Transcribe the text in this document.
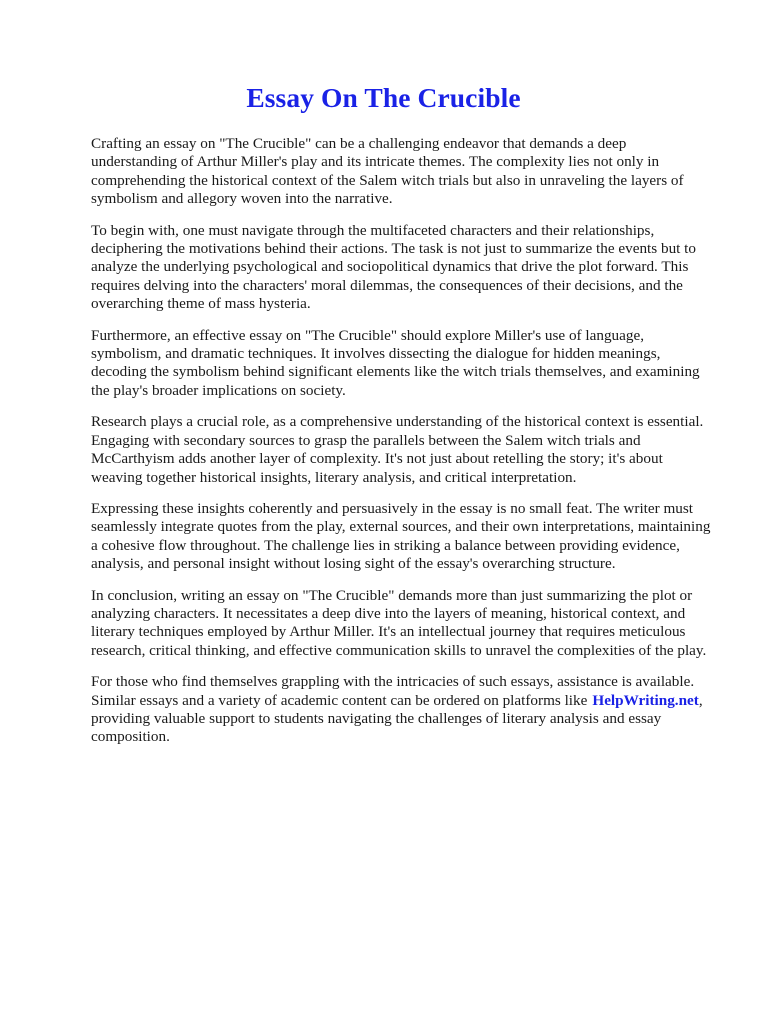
Essay On The Crucible

Crafting an essay on "The Crucible" can be a challenging endeavor that demands a deep understanding of Arthur Miller's play and its intricate themes. The complexity lies not only in comprehending the historical context of the Salem witch trials but also in unraveling the layers of symbolism and allegory woven into the narrative.

To begin with, one must navigate through the multifaceted characters and their relationships, deciphering the motivations behind their actions. The task is not just to summarize the events but to analyze the underlying psychological and sociopolitical dynamics that drive the plot forward. This requires delving into the characters' moral dilemmas, the consequences of their decisions, and the overarching theme of mass hysteria.

Furthermore, an effective essay on "The Crucible" should explore Miller's use of language, symbolism, and dramatic techniques. It involves dissecting the dialogue for hidden meanings, decoding the symbolism behind significant elements like the witch trials themselves, and examining the play's broader implications on society.

Research plays a crucial role, as a comprehensive understanding of the historical context is essential. Engaging with secondary sources to grasp the parallels between the Salem witch trials and McCarthyism adds another layer of complexity. It's not just about retelling the story; it's about weaving together historical insights, literary analysis, and critical interpretation.

Expressing these insights coherently and persuasively in the essay is no small feat. The writer must seamlessly integrate quotes from the play, external sources, and their own interpretations, maintaining a cohesive flow throughout. The challenge lies in striking a balance between providing evidence, analysis, and personal insight without losing sight of the essay's overarching structure.

In conclusion, writing an essay on "The Crucible" demands more than just summarizing the plot or analyzing characters. It necessitates a deep dive into the layers of meaning, historical context, and literary techniques employed by Arthur Miller. It's an intellectual journey that requires meticulous research, critical thinking, and effective communication skills to unravel the complexities of the play.

For those who find themselves grappling with the intricacies of such essays, assistance is available. Similar essays and a variety of academic content can be ordered on platforms like HelpWriting.net, providing valuable support to students navigating the challenges of literary analysis and essay composition.
